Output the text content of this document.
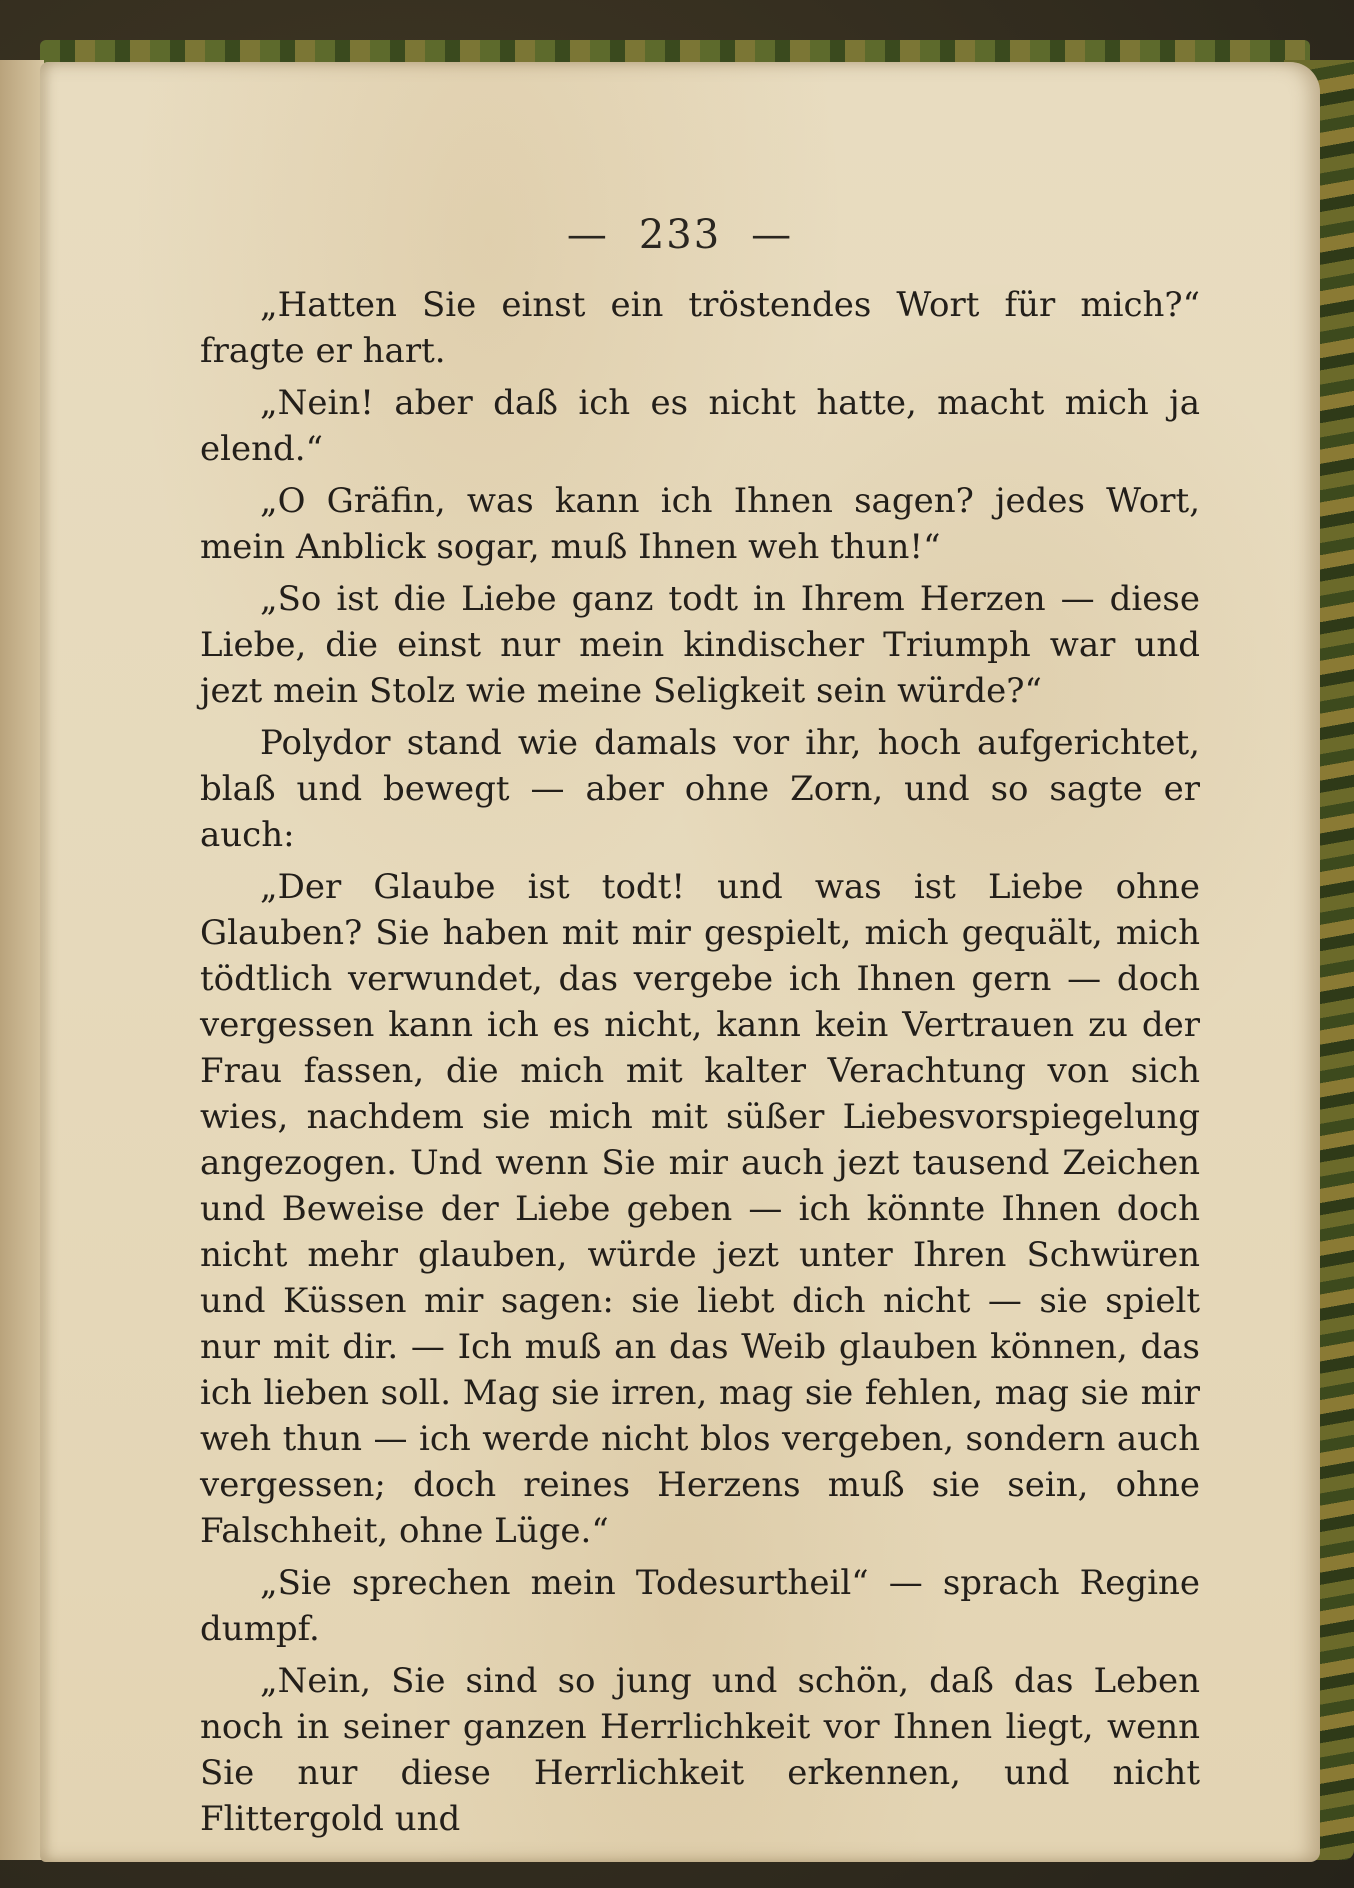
— 233 —

„Hatten Sie einst ein tröstendes Wort für mich?“ fragte er hart.

„Nein! aber daß ich es nicht hatte, macht mich ja elend.“

„O Gräfin, was kann ich Ihnen sagen? jedes Wort, mein Anblick sogar, muß Ihnen weh thun!“

„So ist die Liebe ganz todt in Ihrem Herzen — diese Liebe, die einst nur mein kindischer Triumph war und jezt mein Stolz wie meine Seligkeit sein würde?“

Polydor stand wie damals vor ihr, hoch aufgerichtet, blaß und bewegt — aber ohne Zorn, und so sagte er auch:

„Der Glaube ist todt! und was ist Liebe ohne Glauben? Sie haben mit mir gespielt, mich gequält, mich tödtlich verwundet, das vergebe ich Ihnen gern — doch vergessen kann ich es nicht, kann kein Vertrauen zu der Frau fassen, die mich mit kalter Verachtung von sich wies, nachdem sie mich mit süßer Liebesvorspiegelung angezogen. Und wenn Sie mir auch jezt tausend Zeichen und Beweise der Liebe geben — ich könnte Ihnen doch nicht mehr glauben, würde jezt unter Ihren Schwüren und Küssen mir sagen: sie liebt dich nicht — sie spielt nur mit dir. — Ich muß an das Weib glauben können, das ich lieben soll. Mag sie irren, mag sie fehlen, mag sie mir weh thun — ich werde nicht blos vergeben, sondern auch vergessen; doch reines Herzens muß sie sein, ohne Falschheit, ohne Lüge.“

„Sie sprechen mein Todesurtheil“ — sprach Regine dumpf.

„Nein, Sie sind so jung und schön, daß das Leben noch in seiner ganzen Herrlichkeit vor Ihnen liegt, wenn Sie nur diese Herrlichkeit erkennen, und nicht Flittergold und
